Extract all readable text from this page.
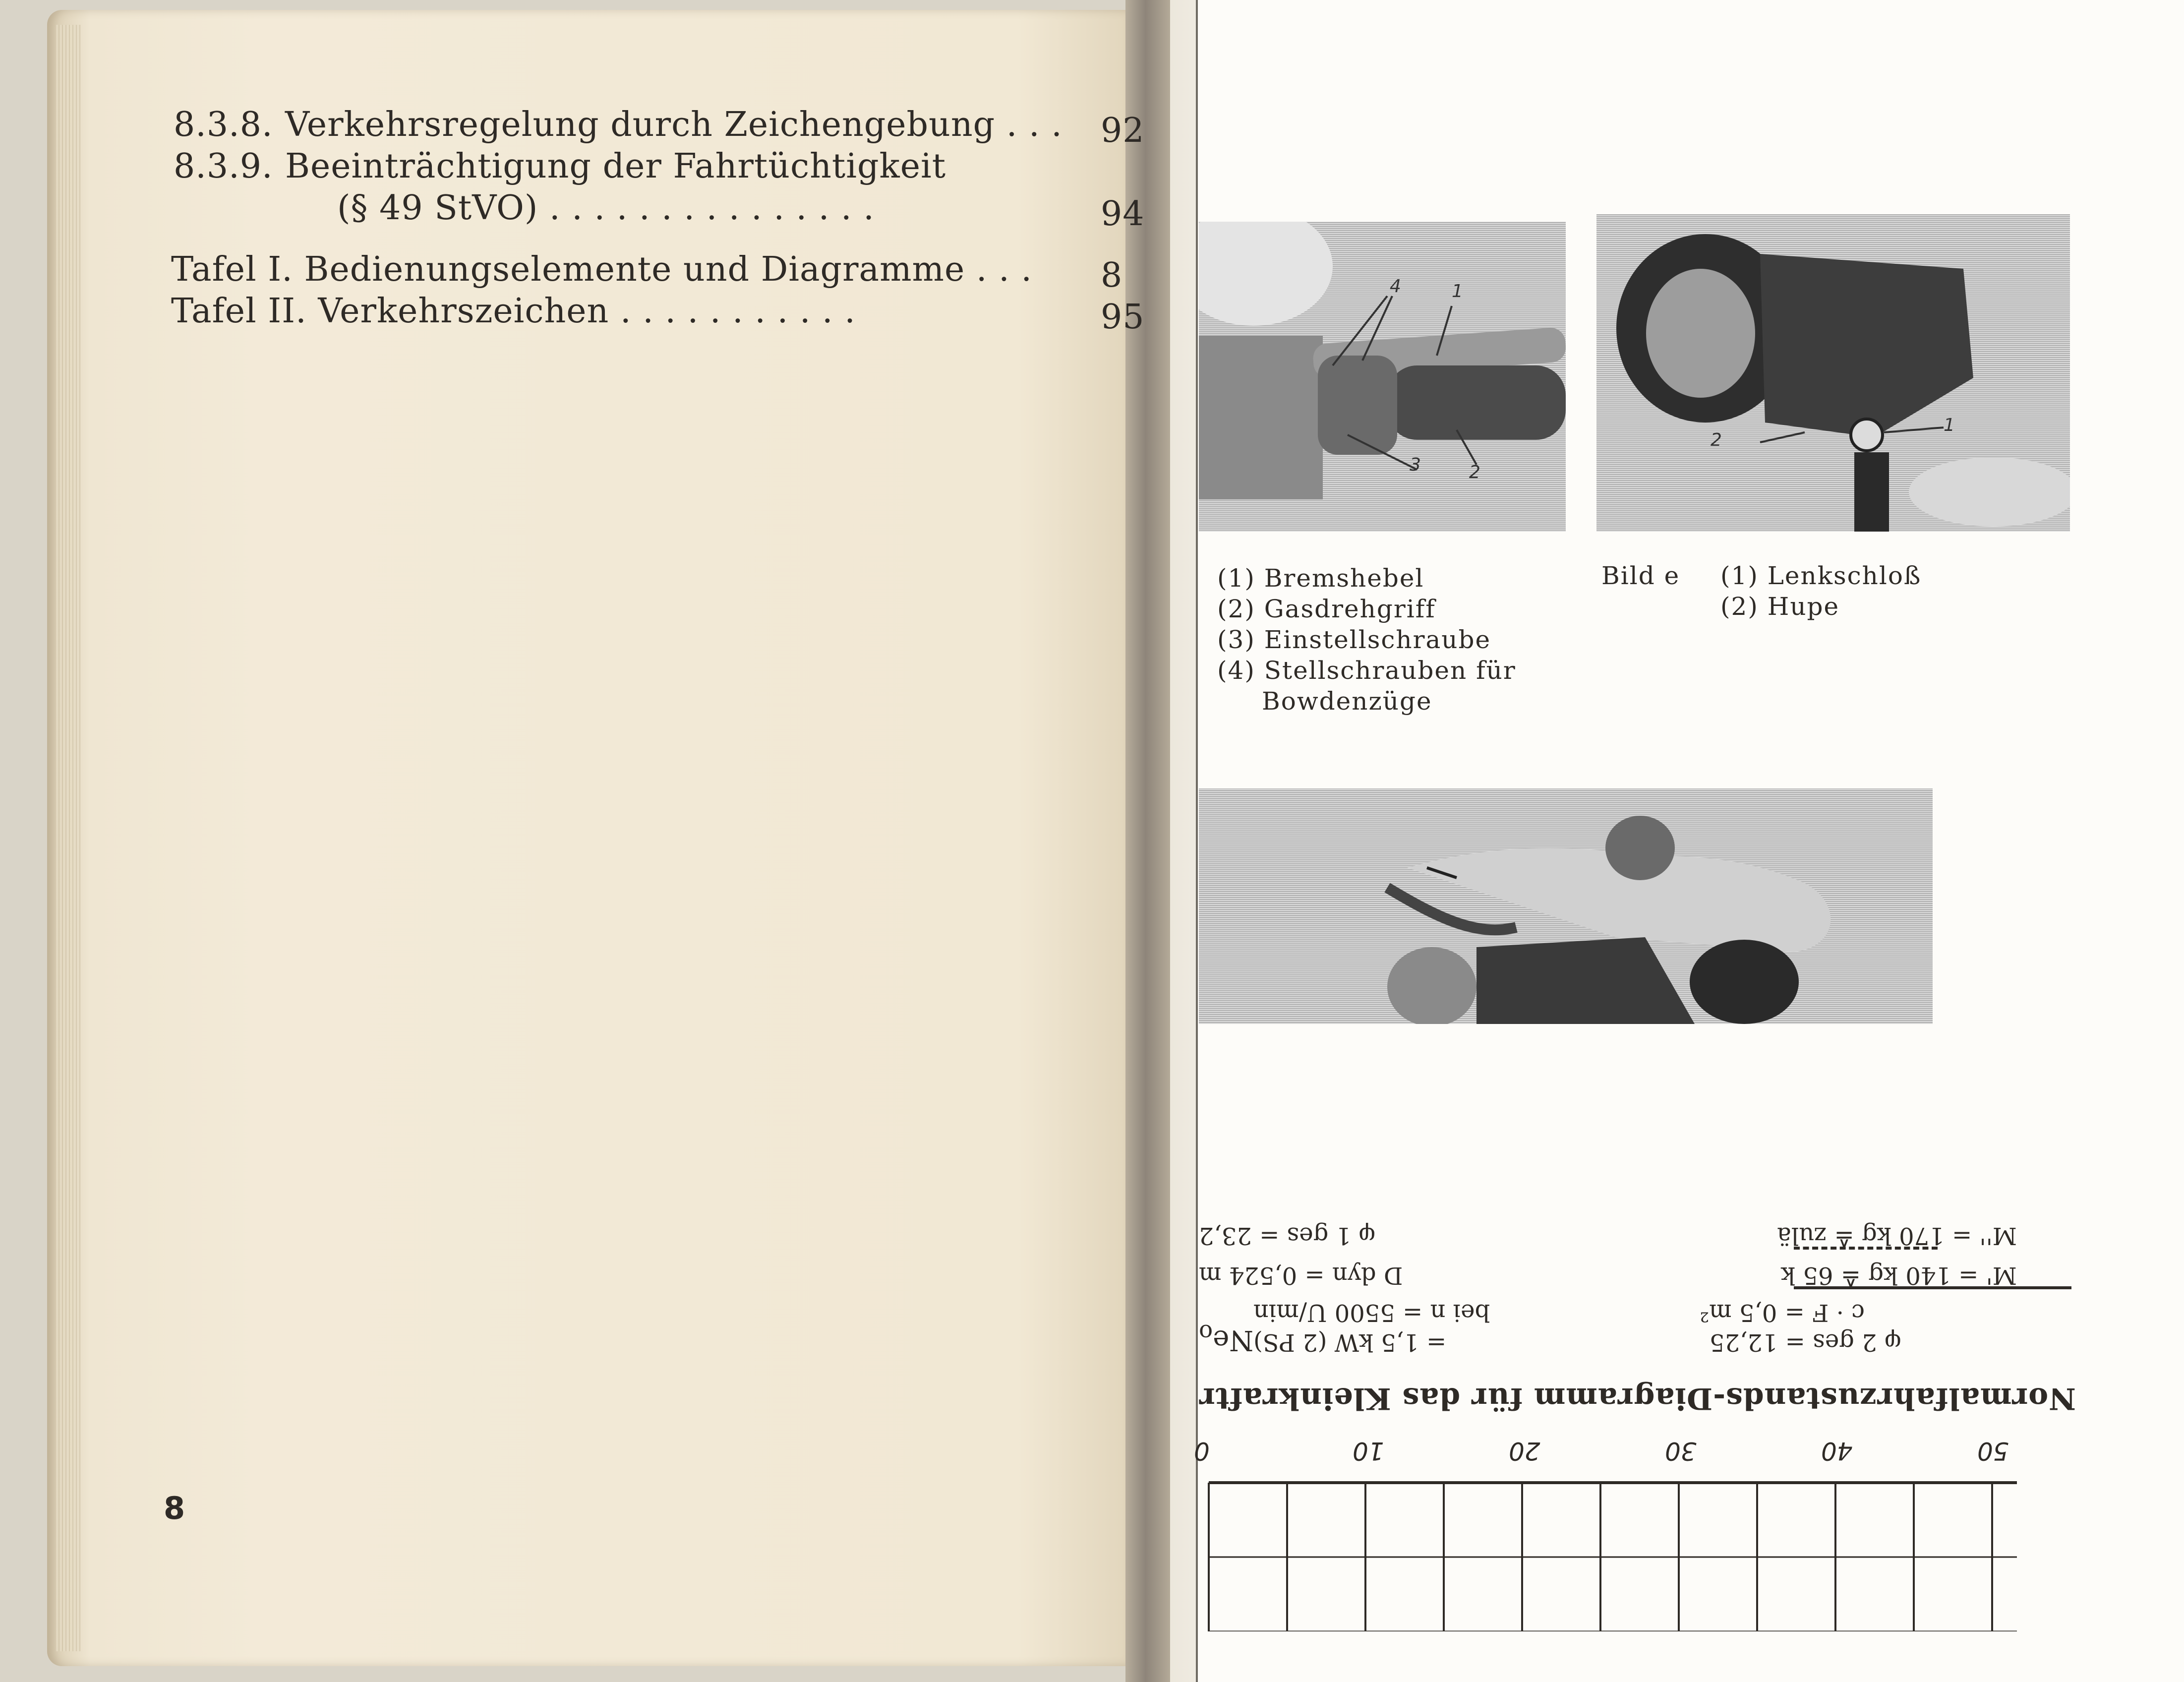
8.3.8. Verkehrsregelung durch Zeichengebung . . . 92
8.3.9. Beeinträchtigung der Fahrtüchtigkeit
(§ 49 StVO) . . . . . . . . . . . . . . .	94
Tafel I. Bedienungselemente und Diagramme . . . 8
Tafel II. Verkehrszeichen . . . . . . . . . . .	95
8
4	1
3	2
2
1
(1) Bremshebel
(2) Gasdrehgriff
(3) Einstellschraube
(4) Stellschrauben für
Bowdenzüge
Bild e (1) Lenkschloß
(2) Hupe
Normalfahrzustands-Diagramm für das Kleinkraftr
$Ne_o$	= 1,5 kW (2 PS)	φ 2 ges = 12,25
bei n = 5500 U/min	c · F = 0,5 m²
D dyn = 0,524 m	M' = 140 kg ≙ 65 k
φ 1 ges = 23,2	M'' = 170 kg ≙ zulä
0	10	20	30	40	50
